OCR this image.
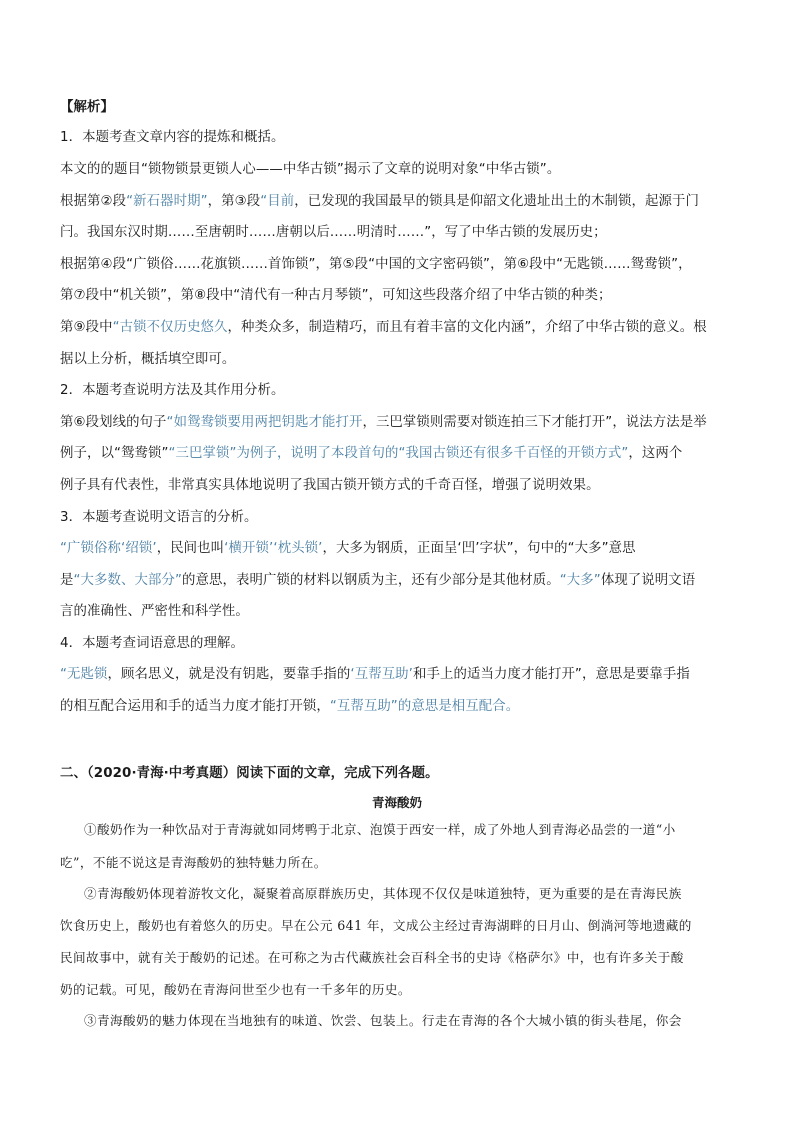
【解析】
1．本题考查文章内容的提炼和概括。
本文的的题目“锁物锁景更锁人心——中华古锁”揭示了文章的说明对象“中华古锁”。
根据第②段“新石器时期”，第③段“目前，已发现的我国最早的锁具是仰韶文化遗址出土的木制锁，起源于门
闩。我国东汉时期……至唐朝时……唐朝以后……明清时……”，写了中华古锁的发展历史；
根据第④段“广锁俗……花旗锁……首饰锁”，第⑤段“中国的文字密码锁”，第⑥段中“无匙锁……鸳鸯锁”，
第⑦段中“机关锁”，第⑧段中“清代有一种古月琴锁”，可知这些段落介绍了中华古锁的种类；
第⑨段中“古锁不仅历史悠久，种类众多，制造精巧，而且有着丰富的文化内涵”，介绍了中华古锁的意义。根
据以上分析，概括填空即可。
2．本题考查说明方法及其作用分析。
第⑥段划线的句子“如鸳鸯锁要用两把钥匙才能打开，三巴掌锁则需要对锁连拍三下才能打开”，说法方法是举
例子，以“鸳鸯锁”“三巴掌锁”为例子，说明了本段首句的“我国古锁还有很多千百怪的开锁方式”，这两个
例子具有代表性，非常真实具体地说明了我国古锁开锁方式的千奇百怪，增强了说明效果。
3．本题考查说明文语言的分析。
“广锁俗称‘绍锁’，民间也叫‘横开锁’‘枕头锁’，大多为钢质，正面呈‘凹’字状”，句中的“大多”意思
是“大多数、大部分”的意思，表明广锁的材料以钢质为主，还有少部分是其他材质。“大多”体现了说明文语
言的准确性、严密性和科学性。
4．本题考查词语意思的理解。
“无匙锁，顾名思义，就是没有钥匙，要靠手指的‘互帮互助’和手上的适当力度才能打开”，意思是要靠手指
的相互配合运用和手的适当力度才能打开锁，“互帮互助”的意思是相互配合。
二、（2020·青海·中考真题）阅读下面的文章，完成下列各题。
青海酸奶
①酸奶作为一种饮品对于青海就如同烤鸭于北京、泡馍于西安一样，成了外地人到青海必品尝的一道“小
吃”，不能不说这是青海酸奶的独特魅力所在。
②青海酸奶体现着游牧文化，凝聚着高原群族历史，其体现不仅仅是味道独特，更为重要的是在青海民族
饮食历史上，酸奶也有着悠久的历史。早在公元 641 年，文成公主经过青海湖畔的日月山、倒淌河等地遗藏的
民间故事中，就有关于酸奶的记述。在可称之为古代藏族社会百科全书的史诗《格萨尔》中，也有许多关于酸
奶的记载。可见，酸奶在青海问世至少也有一千多年的历史。
③青海酸奶的魅力体现在当地独有的味道、饮尝、包装上。行走在青海的各个大城小镇的街头巷尾，你会
